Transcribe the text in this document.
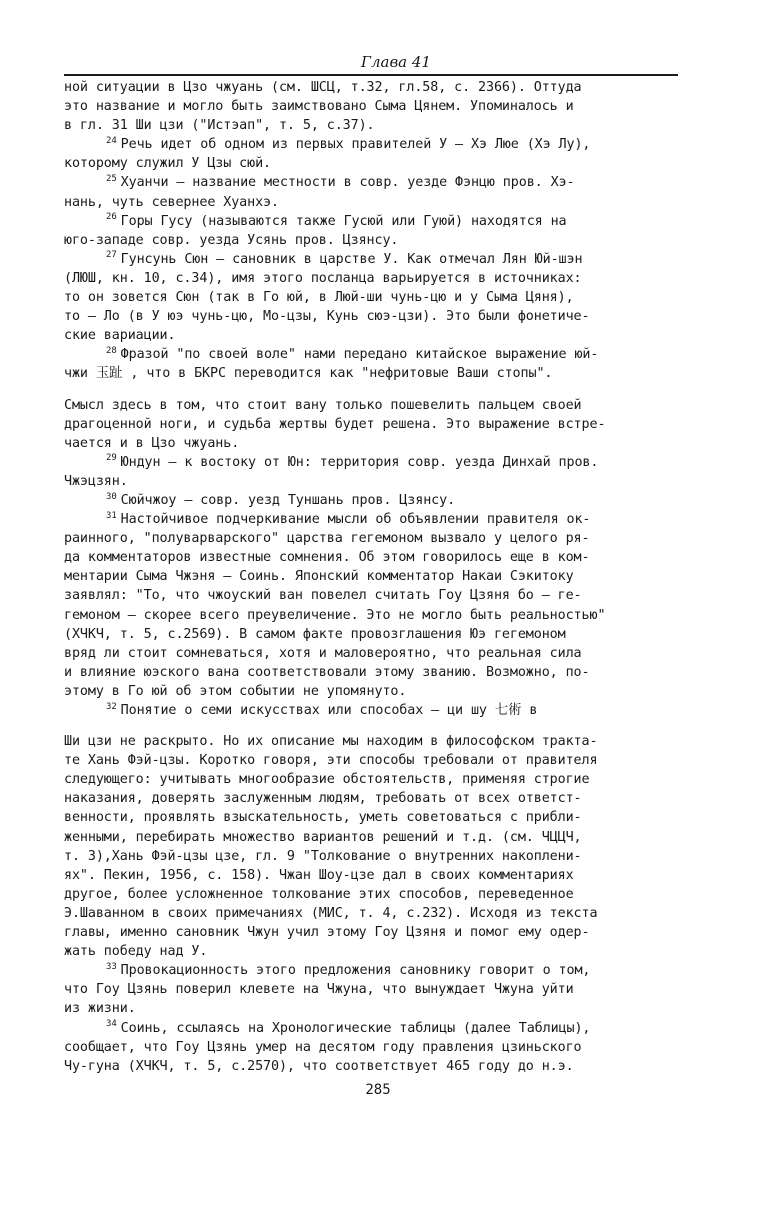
Глава 41
ной ситуации в Цзо чжуань (см. ШСЦ, т.32, гл.58, с. 2366). Оттуда
это название и могло быть заимствовано Сыма Цянем. Упоминалось и
в гл. 31 Ши цзи ("Истэап", т. 5, с.37).
$^{24}$ Речь идет об одном из первых правителей У — Хэ Люе (Хэ Лу),
которому служил У Цзы сюй.
$^{25}$ Хуанчи — название местности в совр. уезде Фэнцю пров. Хэ-
нань, чуть севернее Хуанхэ.
$^{26}$ Горы Гусу (называются также Гусюй или Гуюй) находятся на
юго-западе совр. уезда Усянь пров. Цзянсу.
$^{27}$ Гунсунь Сюн — сановник в царстве У. Как отмечал Лян Юй-шэн
(ЛЮШ, кн. 10, с.34), имя этого посланца варьируется в источниках:
то он зовется Сюн (так в Го юй, в Люй-ши чунь-цю и у Сыма Цяня),
то — Ло (в У юэ чунь-цю, Мо-цзы, Кунь сюэ-цзи). Это были фонетиче-
ские вариации.
$^{28}$ Фразой "по своей воле" нами передано китайское выражение юй-
чжи 玉趾 , что в БКРС переводится как "нефритовые Ваши стопы".
Смысл здесь в том, что стоит вану только пошевелить пальцем своей
драгоценной ноги, и судьба жертвы будет решена. Это выражение встре-
чается и в Цзо чжуань.
$^{29}$ Юндун — к востоку от Юн: территория совр. уезда Динхай пров.
Чжэцзян.
$^{30}$ Сюйчжоу — совр. уезд Туншань пров. Цзянсу.
$^{31}$ Настойчивое подчеркивание мысли об объявлении правителя ок-
раинного, "полуварварского" царства гегемоном вызвало у целого ря-
да комментаторов известные сомнения. Об этом говорилось еще в ком-
ментарии Сыма Чжэня — Соинь. Японский комментатор Накаи Сэкитоку
заявлял: "То, что чжоуский ван повелел считать Гоу Цзяня бо — ге-
гемоном — скорее всего преувеличение. Это не могло быть реальностью"
(ХЧКЧ, т. 5, с.2569). В самом факте провозглашения Юэ гегемоном
вряд ли стоит сомневаться, хотя и маловероятно, что реальная сила
и влияние юэского вана соответствовали этому званию. Возможно, по-
этому в Го юй об этом событии не упомянуто.
$^{32}$ Понятие о семи искусствах или способах — ци шу 七術 в
Ши цзи не раскрыто. Но их описание мы находим в философском тракта-
те Хань Фэй-цзы. Коротко говоря, эти способы требовали от правителя
следующего: учитывать многообразие обстоятельств, применяя строгие
наказания, доверять заслуженным людям, требовать от всех ответст-
венности, проявлять взыскательность, уметь советоваться с прибли-
женными, перебирать множество вариантов решений и т.д. (см. ЧЦЦЧ,
т. 3),Хань Фэй-цзы цзе, гл. 9 "Толкование о внутренних накоплени-
ях". Пекин, 1956, с. 158). Чжан Шоу-цзе дал в своих комментариях
другое, более усложненное толкование этих способов, переведенное
Э.Шаванном в своих примечаниях (МИС, т. 4, с.232). Исходя из текста
главы, именно сановник Чжун учил этому Гоу Цзяня и помог ему одер-
жать победу над У.
$^{33}$ Провокационность этого предложения сановнику говорит о том,
что Гоу Цзянь поверил клевете на Чжуна, что вынуждает Чжуна уйти
из жизни.
$^{34}$ Соинь, ссылаясь на Хронологические таблицы (далее Таблицы),
сообщает, что Гоу Цзянь умер на десятом году правления цзиньского
Чу-гуна (ХЧКЧ, т. 5, с.2570), что соответствует 465 году до н.э.
285
